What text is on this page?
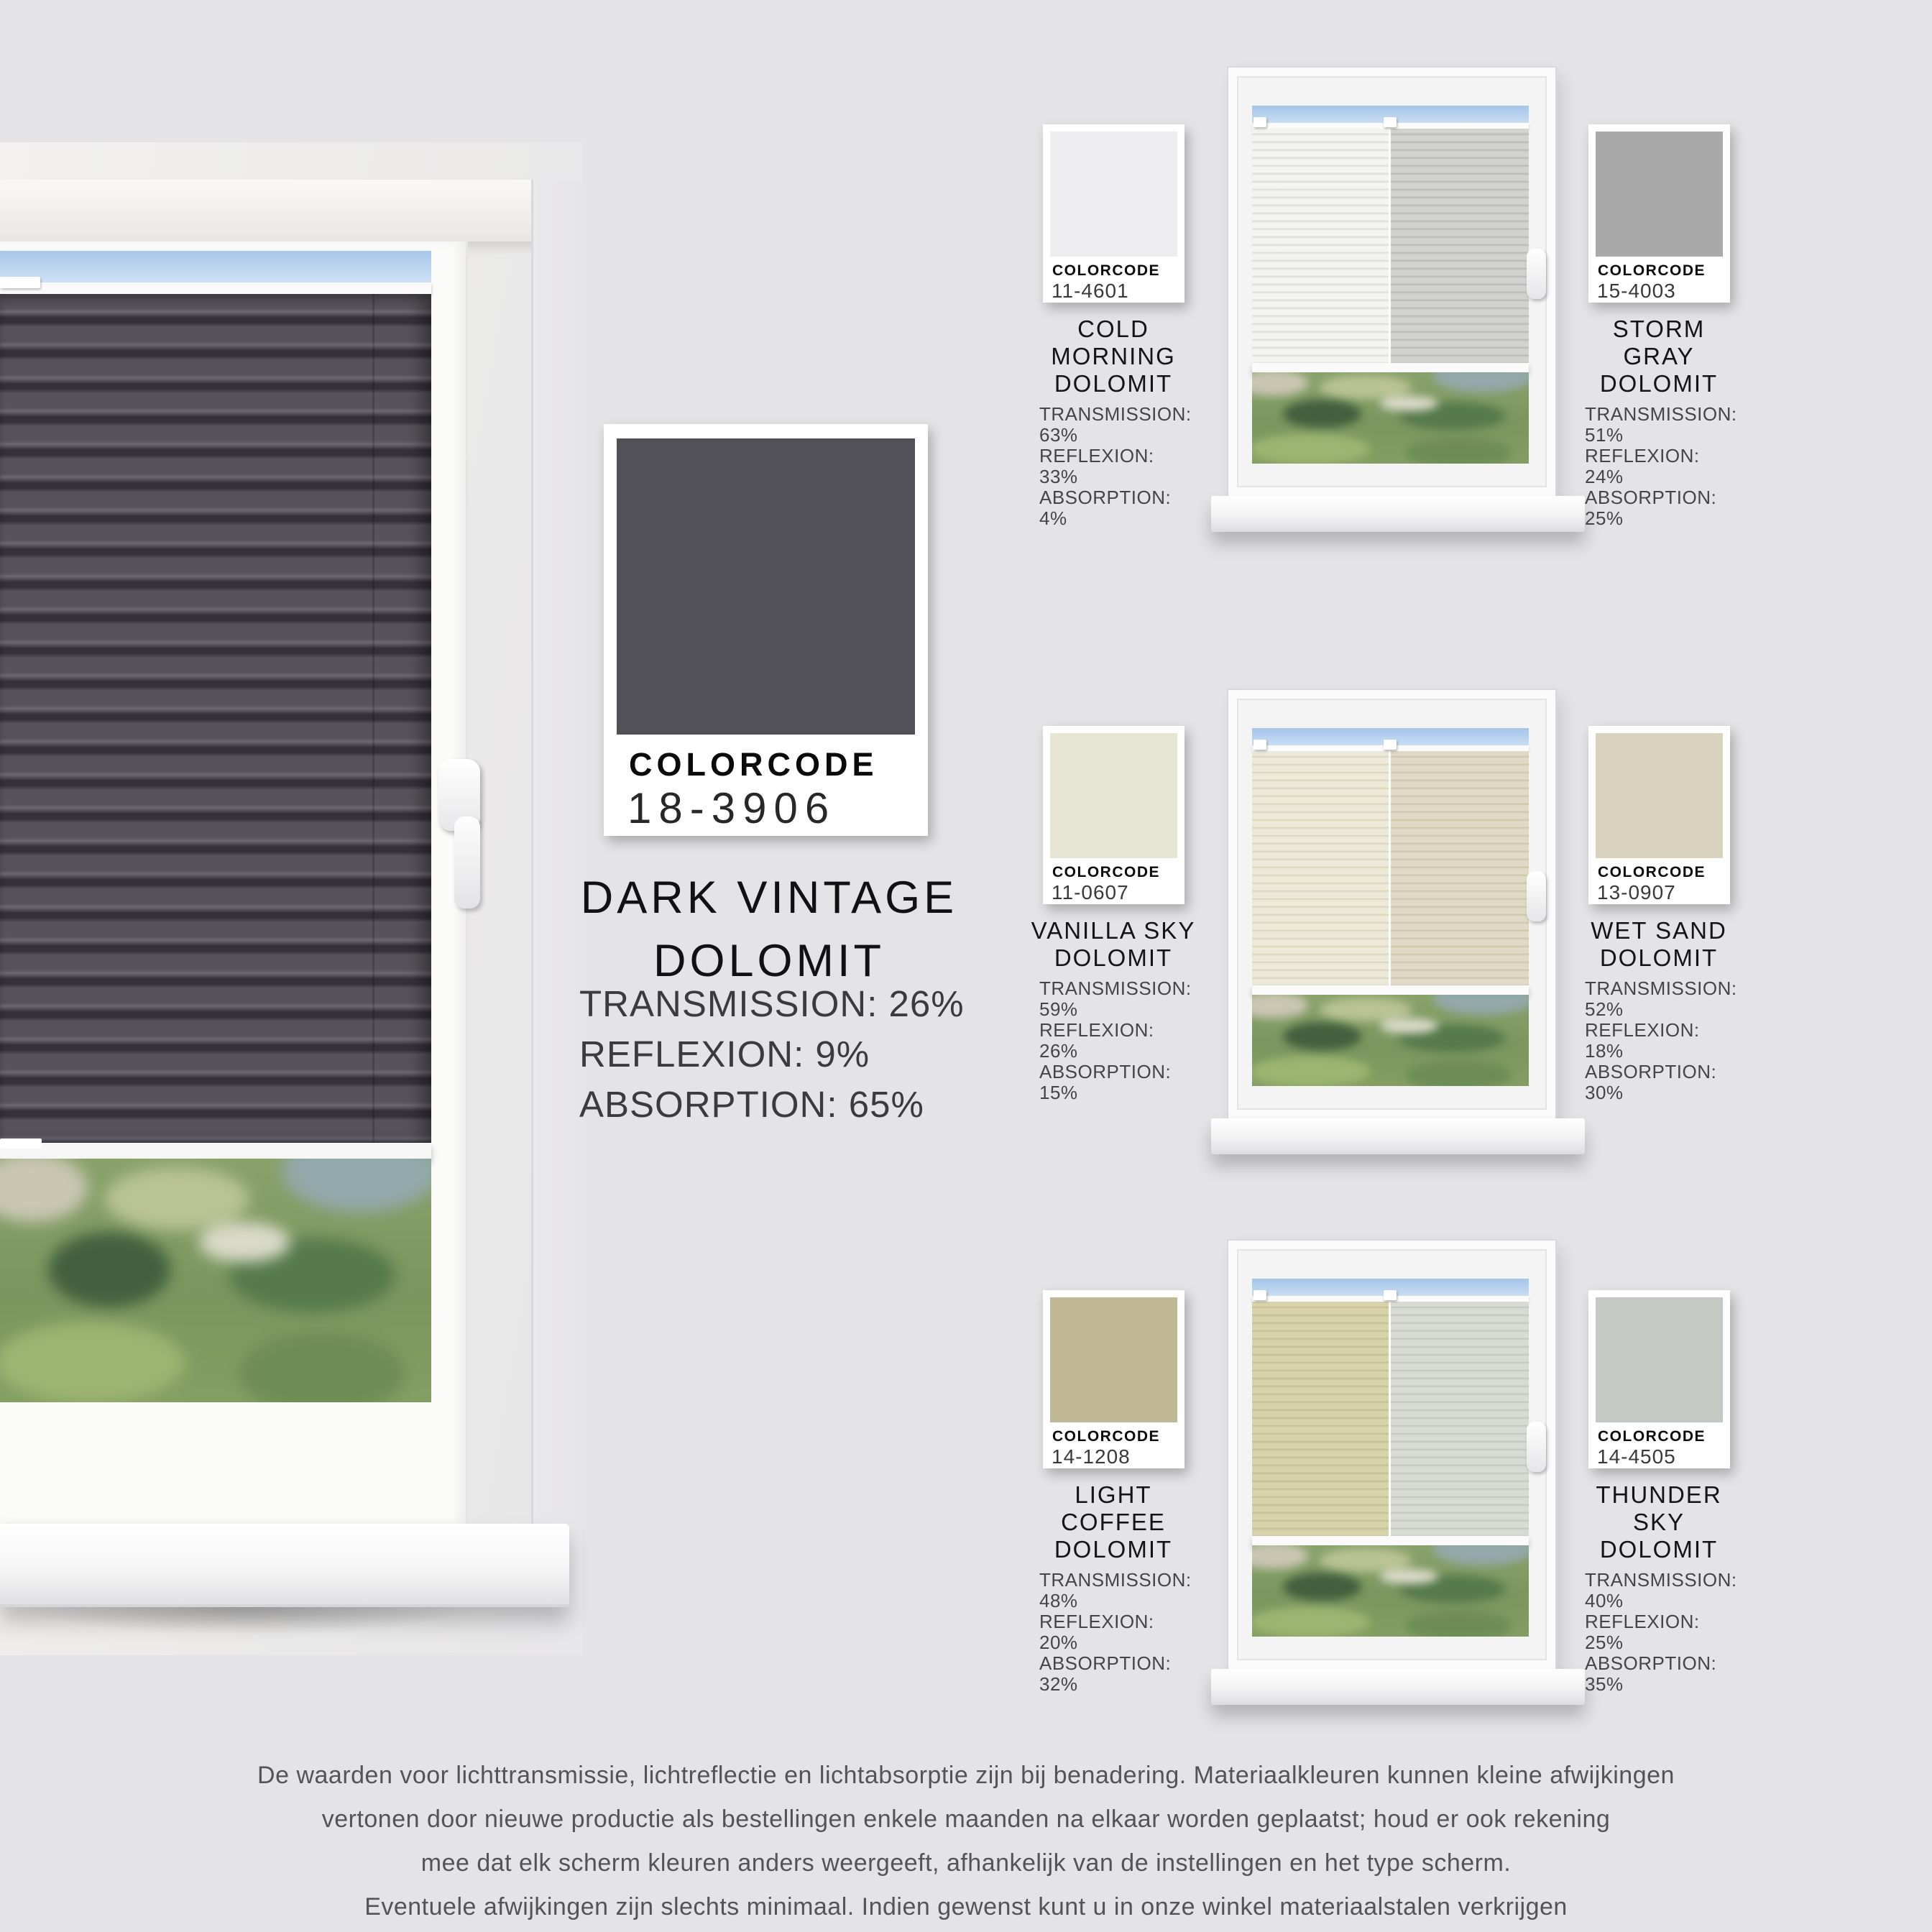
COLORCODE
18-3906
DARK VINTAGE
DOLOMIT
TRANSMISSION: 26%
REFLEXION: 9%
ABSORPTION: 65%
COLORCODE
11-4601
COLD MORNING
DOLOMIT
TRANSMISSION: 63%
REFLEXION: 33%
ABSORPTION: 4%
COLORCODE
15-4003
STORM GRAY
DOLOMIT
TRANSMISSION: 51%
REFLEXION: 24%
ABSORPTION: 25%
COLORCODE
11-0607
VANILLA SKY
DOLOMIT
TRANSMISSION: 59%
REFLEXION: 26%
ABSORPTION: 15%
COLORCODE
13-0907
WET SAND
DOLOMIT
TRANSMISSION: 52%
REFLEXION: 18%
ABSORPTION: 30%
COLORCODE
14-1208
LIGHT COFFEE
DOLOMIT
TRANSMISSION: 48%
REFLEXION: 20%
ABSORPTION: 32%
COLORCODE
14-4505
THUNDER SKY
DOLOMIT
TRANSMISSION: 40%
REFLEXION: 25%
ABSORPTION: 35%
De waarden voor lichttransmissie, lichtreflectie en lichtabsorptie zijn bij benadering. Materiaalkleuren kunnen kleine afwijkingen
vertonen door nieuwe productie als bestellingen enkele maanden na elkaar worden geplaatst; houd er ook rekening
mee dat elk scherm kleuren anders weergeeft, afhankelijk van de instellingen en het type scherm.
Eventuele afwijkingen zijn slechts minimaal. Indien gewenst kunt u in onze winkel materiaalstalen verkrijgen
